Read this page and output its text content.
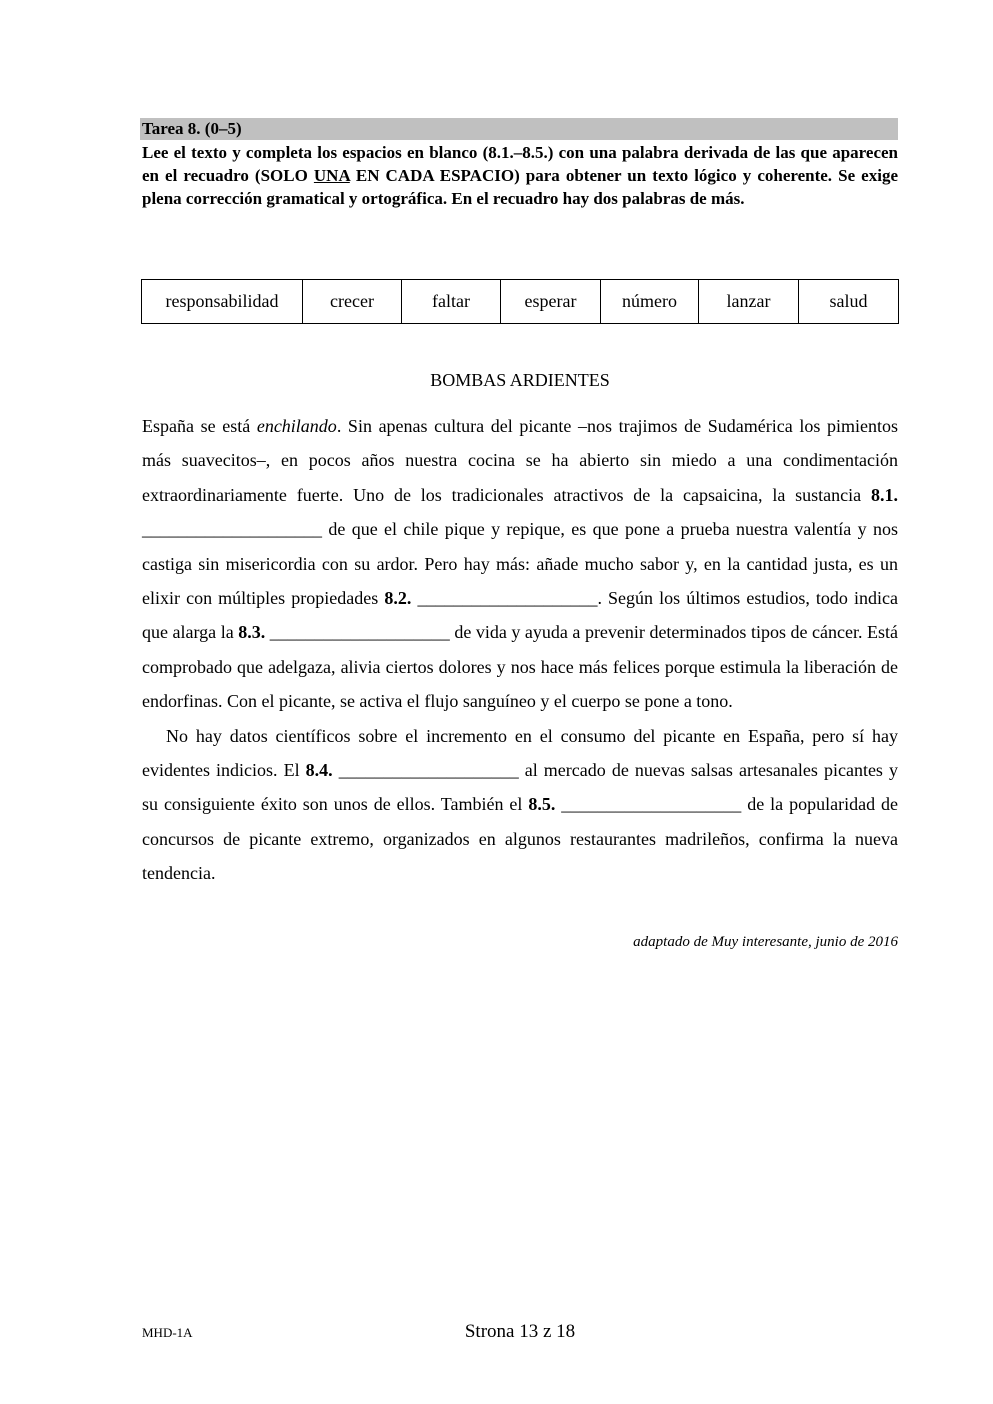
Tarea 8. (0–5)
Lee el texto y completa los espacios en blanco (8.1.–8.5.) con una palabra derivada de las que aparecen en el recuadro (SOLO UNA EN CADA ESPACIO) para obtener un texto lógico y coherente. Se exige plena corrección gramatical y ortográfica. En el recuadro hay dos palabras de más.
responsabilidad	crecer	faltar	esperar	número	lanzar	salud
BOMBAS ARDIENTES

España se está enchilando. Sin apenas cultura del picante –nos trajimos de Sudamérica los pimientos más suavecitos–, en pocos años nuestra cocina se ha abierto sin miedo a una condimentación extraordinariamente fuerte. Uno de los tradicionales atractivos de la capsaicina, la sustancia 8.1. ____________________ de que el chile pique y repique, es que pone a prueba nuestra valentía y nos castiga sin misericordia con su ardor. Pero hay más: añade mucho sabor y, en la cantidad justa, es un elixir con múltiples propiedades 8.2. ____________________. Según los últimos estudios, todo indica que alarga la 8.3. ____________________ de vida y ayuda a prevenir determinados tipos de cáncer. Está comprobado que adelgaza, alivia ciertos dolores y nos hace más felices porque estimula la liberación de endorfinas. Con el picante, se activa el flujo sanguíneo y el cuerpo se pone a tono.

No hay datos científicos sobre el incremento en el consumo del picante en España, pero sí hay evidentes indicios. El 8.4. ____________________ al mercado de nuevas salsas artesanales picantes y su consiguiente éxito son unos de ellos. También el 8.5. ____________________ de la popularidad de concursos de picante extremo, organizados en algunos restaurantes madrileños, confirma la nueva tendencia.

adaptado de Muy interesante, junio de 2016
MHD-1A	Strona 13 z 18
